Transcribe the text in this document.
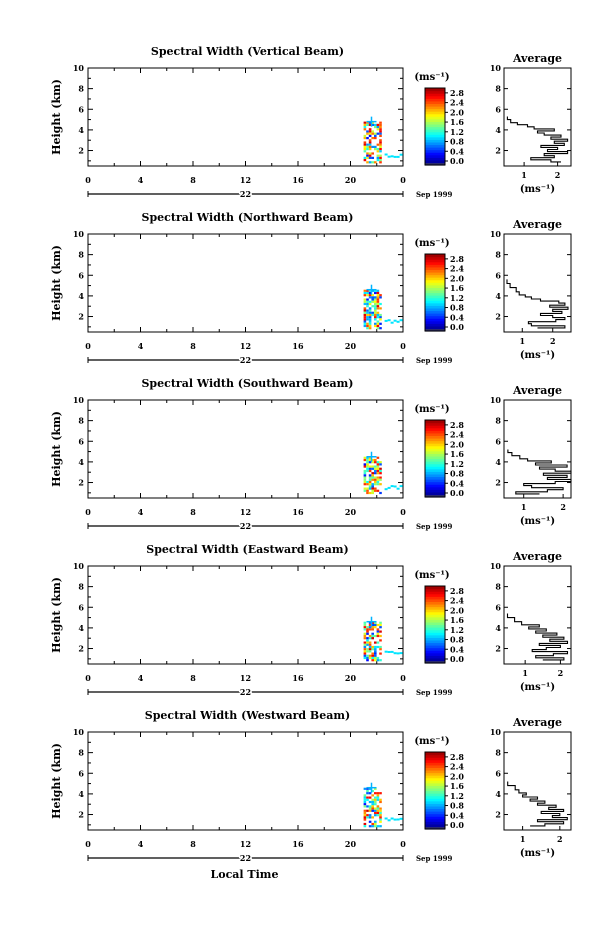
Spectral Width (Vertical Beam)
Height (km) 2
4
6
8
10
0	4	8	12	16	20	0
22	Sep 1999
(ms⁻¹)
0.0
0.4
0.8
1.2
1.6
2.0
2.4
2.8
Average
2
4
6
8
10
1	2
(ms⁻¹)
Spectral Width (Northward Beam)
Height (km) 2
4
6
8
10
0	4	8	12	16	20	0
22	Sep 1999
(ms⁻¹)
0.0
0.4
0.8
1.2
1.6
2.0
2.4
2.8
Average
2
4
6
8
10
1	2
(ms⁻¹)
Spectral Width (Southward Beam)
Height (km) 2
4
6
8
10
0	4	8	12	16	20	0
22	Sep 1999
(ms⁻¹)
0.0
0.4
0.8
1.2
1.6
2.0
2.4
2.8
Average
2
4
6
8
10
1	2
(ms⁻¹)
Spectral Width (Eastward Beam)
Height (km) 2
4
6
8
10
0	4	8	12	16	20	0
22	Sep 1999
(ms⁻¹)
0.0
0.4
0.8
1.2
1.6
2.0
2.4
2.8
Average
2
4
6
8
10
1	2
(ms⁻¹)
Spectral Width (Westward Beam)
Height (km) 2
4
6
8
10
0	4	8	12	16	20	0
22	Sep 1999
(ms⁻¹)
0.0
0.4
0.8
1.2
1.6
2.0
2.4
2.8
Average
2
4
6
8
10
1	2
(ms⁻¹)
Local Time
